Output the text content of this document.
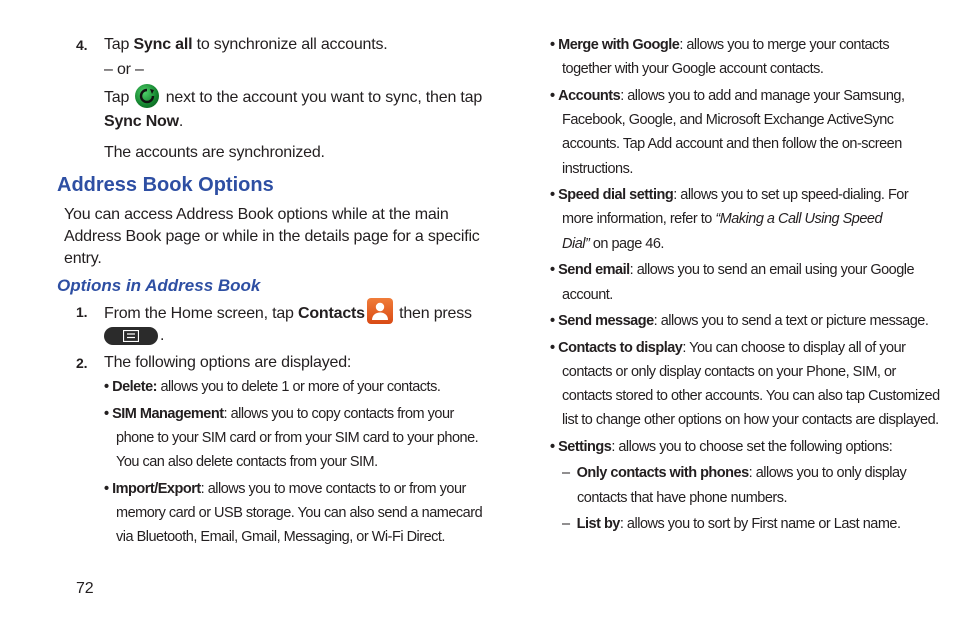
4. Tap Sync all to synchronize all accounts.
– or –
Tap
next to the account you want to sync, then tap
Sync Now.
The accounts are synchronized.
Address Book Options
You can access Address Book options while at the main
Address Book page or while in the details page for a specific
entry.
Options in Address Book
1. From the Home screen, tap Contacts
then press
.
2. The following options are displayed:
• Delete: allows you to delete 1 or more of your contacts.
• SIM Management: allows you to copy contacts from your
phone to your SIM card or from your SIM card to your phone.
You can also delete contacts from your SIM.
• Import/Export: allows you to move contacts to or from your
memory card or USB storage. You can also send a namecard
via Bluetooth, Email, Gmail, Messaging, or Wi-Fi Direct.
72
• Merge with Google: allows you to merge your contacts
together with your Google account contacts.
• Accounts: allows you to add and manage your Samsung,
Facebook, Google, and Microsoft Exchange ActiveSync
accounts. Tap Add account and then follow the on-screen
instructions.
• Speed dial setting: allows you to set up speed-dialing. For
more information, refer to “Making a Call Using Speed
Dial” on page 46.
• Send email: allows you to send an email using your Google
account.
• Send message: allows you to send a text or picture message.
• Contacts to display: You can choose to display all of your
contacts or only display contacts on your Phone, SIM, or
contacts stored to other accounts. You can also tap Customized
list to change other options on how your contacts are displayed.
• Settings: allows you to choose set the following options:
– Only contacts with phones: allows you to only display
contacts that have phone numbers.
– List by: allows you to sort by First name or Last name.
